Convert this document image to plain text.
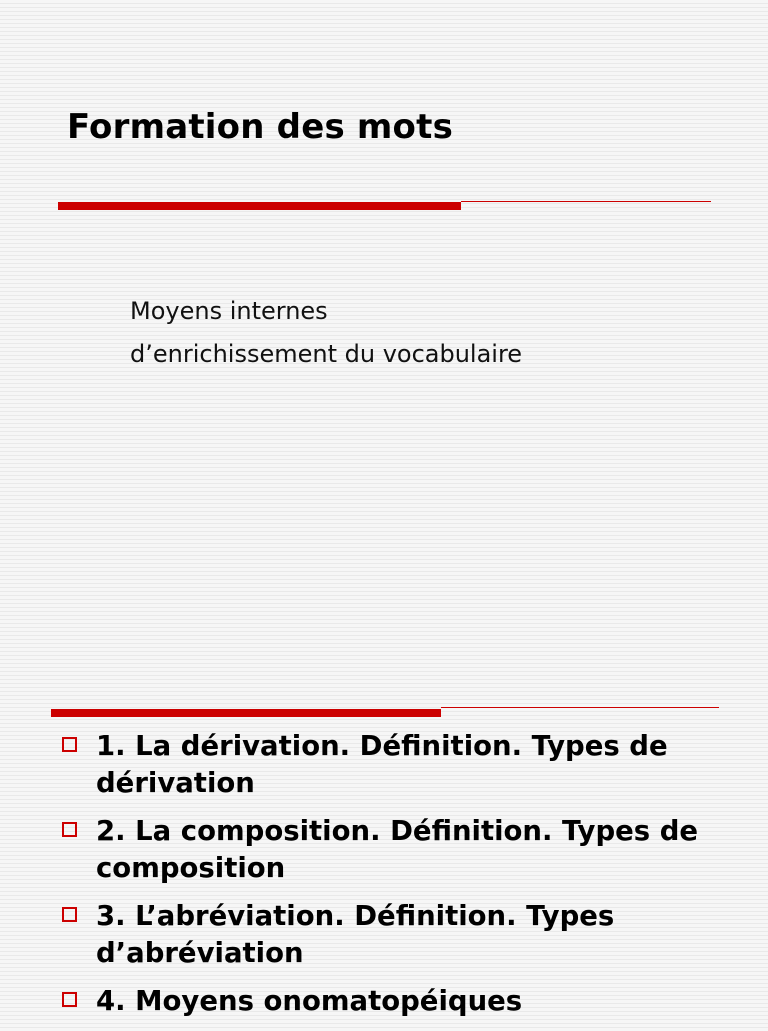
Formation des mots
Moyens internes
d’enrichissement du vocabulaire
1. La dérivation. Définition. Types de dérivation
2. La composition. Définition. Types de composition
3. L’abréviation. Définition. Types d’abréviation
4. Moyens onomatopéiques
